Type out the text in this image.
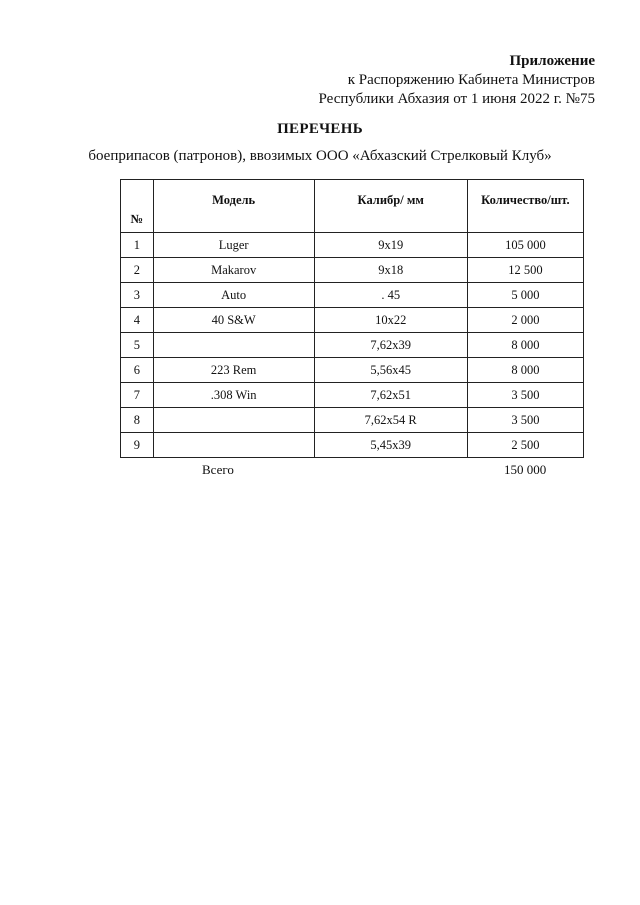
Приложение
к Распоряжению Кабинета Министров
Республики Абхазия от 1 июня 2022 г. №75
ПЕРЕЧЕНЬ
боеприпасов (патронов), ввозимых ООО «Абхазский Стрелковый Клуб»
№	Модель	Калибр/ мм	Количество/шт.
1	Luger	9x19	105 000
2	Makarov	9x18	12 500
3	Auto	. 45	5 000
4	40 S&W	10x22	2 000
5		7,62x39	8 000
6	223 Rem	5,56x45	8 000
7	.308 Win	7,62x51	3 500
8		7,62x54 R	3 500
9		5,45x39	2 500
Всего	150 000
